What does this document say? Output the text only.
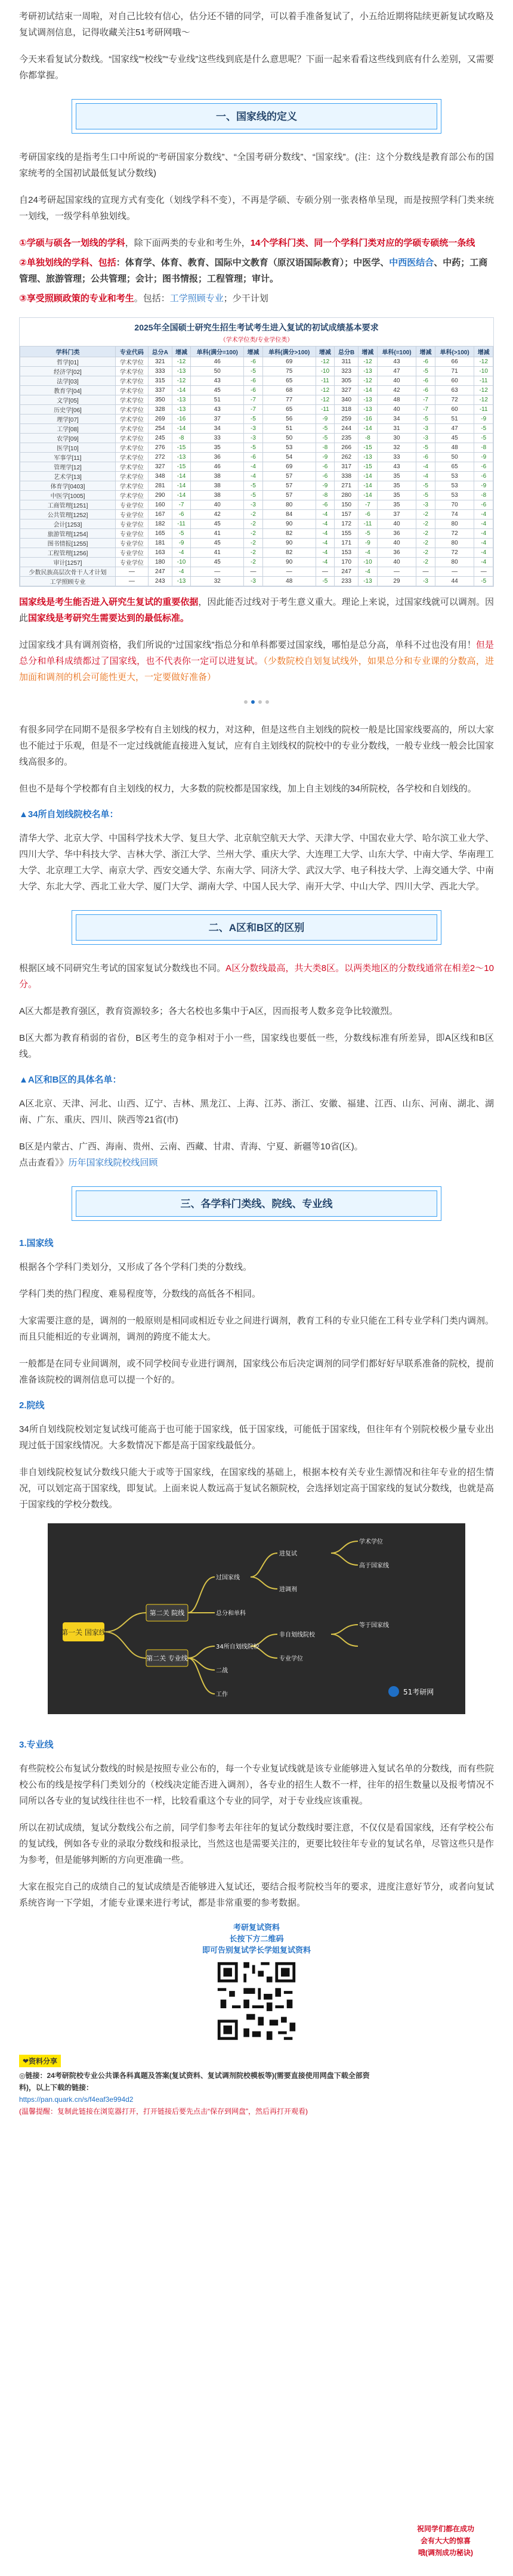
考研初试结束一周啦，对自己比较有信心，估分还不错的同学，可以着手准备复试了，小五给近期将陆续更新复试攻略及复试调剂信息，记得收藏关注51考研网哦～

今天来看复试分数线。“国家线”“校线”“专业线”这些线到底是什么意思呢？下面一起来看看这些线到底有什么差别，又需要你都掌握。

一、国家线的定义

考研国家线的是指考生口中所说的“考研国家分数线”、“全国考研分数线”、“国家线”。(注：这个分数线是教育部公布的国家统考的全国初试最低复试分数线)

自24考研起国家线的宣现方式有变化（划线学科不变），不再是学硕、专硕分别一张表格单呈现，而是按照学科门类来统一划线，一级学科单独划线。

①学硕与硕各一划线的学科，除下面两类的专业和考生外，14个学科门类、同一个学科门类对应的学硕专硕统一条线
②单独划线的学科、包括：体育学、体育、教育、国际中文教育（原汉语国际教育）；中医学、中西医结合、中药；工商管理、旅游管理；公共管理；会计；图书情报；工程管理；审计。
③享受照顾政策的专业和考生。包括：工学照顾专业；少干计划
2025年全国硕士研究生招生考试考生进入复试的初试成绩基本要求
（学术学位类/专业学位类）
学科门类	专业代码	总分A	增减	单科(满分=100)	增减	单科(满分>100)	增减	总分B	增减	单科(=100)	增减	单科(>100)	增减
哲学[01]	学术学位	321	-12	46	-6	69	-12	311	-12	43	-6	66	-12
经济学[02]	学术学位	333	-13	50	-5	75	-10	323	-13	47	-5	71	-10
法学[03]	学术学位	315	-12	43	-6	65	-11	305	-12	40	-6	60	-11
教育学[04]	学术学位	337	-14	45	-6	68	-12	327	-14	42	-6	63	-12
文学[05]	学术学位	350	-13	51	-7	77	-12	340	-13	48	-7	72	-12
历史学[06]	学术学位	328	-13	43	-7	65	-11	318	-13	40	-7	60	-11
理学[07]	学术学位	269	-16	37	-5	56	-9	259	-16	34	-5	51	-9
工学[08]	学术学位	254	-14	34	-3	51	-5	244	-14	31	-3	47	-5
农学[09]	学术学位	245	-8	33	-3	50	-5	235	-8	30	-3	45	-5
医学[10]	学术学位	276	-15	35	-5	53	-8	266	-15	32	-5	48	-8
军事学[11]	学术学位	272	-13	36	-6	54	-9	262	-13	33	-6	50	-9
管理学[12]	学术学位	327	-15	46	-4	69	-6	317	-15	43	-4	65	-6
艺术学[13]	学术学位	348	-14	38	-4	57	-6	338	-14	35	-4	53	-6
体育学[0403]	学术学位	281	-14	38	-5	57	-9	271	-14	35	-5	53	-9
中医学[1005]	学术学位	290	-14	38	-5	57	-8	280	-14	35	-5	53	-8
工商管理[1251]	专业学位	160	-7	40	-3	80	-6	150	-7	35	-3	70	-6
公共管理[1252]	专业学位	167	-6	42	-2	84	-4	157	-6	37	-2	74	-4
会计[1253]	专业学位	182	-11	45	-2	90	-4	172	-11	40	-2	80	-4
旅游管理[1254]	专业学位	165	-5	41	-2	82	-4	155	-5	36	-2	72	-4
图书情报[1255]	专业学位	181	-9	45	-2	90	-4	171	-9	40	-2	80	-4
工程管理[1256]	专业学位	163	-4	41	-2	82	-4	153	-4	36	-2	72	-4
审计[1257]	专业学位	180	-10	45	-2	90	-4	170	-10	40	-2	80	-4
少数民族高层次骨干人才计划	—	247	-4	—	—	—	—	247	-4	—	—	—	—
工学照顾专业	—	243	-13	32	-3	48	-5	233	-13	29	-3	44	-5

国家线是考生能否进入研究生复试的重要依据，因此能否过线对于考生意义重大。理论上来说，过国家线就可以调剂。因此国家线是考研究生需要达到的最低标准。

过国家线才具有调剂资格，我们所说的“过国家线”指总分和单科都要过国家线，哪怕是总分高，单科不过也没有用！但是总分和单科成绩都过了国家线，也不代表你一定可以进复试。（少数院校自划复试线外，如果总分和专业课的分数高，进加面和调剂的机会可能性更大，一定要做好准备）

有很多同学在同期不是很多学校有自主划线的权力，对这种，但是这些自主划线的院校一般是比国家线要高的，所以大家也不能过于乐观，但是不一定过线就能直接进入复试，应有自主划线权的院校中的专业分数线，一般专业线一般会比国家线高很多的。

但也不是每个学校都有自主划线的权力，大多数的院校都是国家线，加上自主划线的34所院校，各学校和自划线的。

▲34所自划线院校名单：

清华大学、北京大学、中国科学技术大学、复旦大学、北京航空航天大学、天津大学、中国农业大学、哈尔滨工业大学、四川大学、华中科技大学、吉林大学、浙江大学、兰州大学、重庆大学、大连理工大学、山东大学、中南大学、华南理工大学、北京理工大学、南京大学、西安交通大学、东南大学、同济大学、武汉大学、电子科技大学、上海交通大学、中南大学、东北大学、西北工业大学、厦门大学、湖南大学、中国人民大学、南开大学、中山大学、四川大学、西北大学。

二、A区和B区的区别

根据区域不同研究生考试的国家复试分数线也不同。A区分数线最高，共大类8区。以两类地区的分数线通常在相差2～10分。

A区大都是教育强区，教育资源较多；各大名校也多集中于A区，因而报考人数多竞争比较激烈。

B区大都为教育稍弱的省份，B区考生的竞争相对于小一些，国家线也要低一些，分数线标准有所差异，即A区线和B区线。

▲A区和B区的具体名单：

A区北京、天津、河北、山西、辽宁、吉林、黑龙江、上海、江苏、浙江、安徽、福建、江西、山东、河南、湖北、湖南、广东、重庆、四川、陕西等21省(市)

B区是内蒙古、广西、海南、贵州、云南、西藏、甘肃、青海、宁夏、新疆等10省(区)。
点击查看》》历年国家线院校线回顾

三、各学科门类线、院线、专业线
1.国家线

根据各个学科门类划分，又形成了各个学科门类的分数线。

学科门类的热门程度、难易程度等，分数线的高低各不相同。

大家需要注意的是，调剂的一般原则是相同或相近专业之间进行调剂，教育工科的专业只能在工科专业学科门类内调剂。而且只能相近的专业调剂，调剂的跨度不能太大。

一般都是在同专业间调剂，或不同学校间专业进行调剂，国家线公布后决定调剂的同学们都好好早联系准备的院校，提前准备该院校的调剂信息可以提一个好的。

2.院线

34所自划线院校划定复试线可能高于也可能于国家线，低于国家线，可能低于国家线，但往年有个别院校极少量专业出现过低于国家线情况。大多数情况下都是高于国家线最低分。

非自划线院校复试分数线只能大于或等于国家线，在国家线的基础上，根据本校有关专业生源情况和往年专业的招生情况，可以划定高于国家线，即复试。上面来说人数远高于复试名额院校，会选择划定高于国家线的复试分数线，也就是高于国家线的学校分数线。

第一关 国家线
第二关 院线
第二关 专业线
过国家线
总分和单科
34所自划线院校
二战
工作
进复试
进调剂
非自划线院校
专业学位
学术学位
高于国家线
等于国家线
51考研网
3.专业线

有些院校公布复试分数线的时候是按照专业公布的，每一个专业复试线就是该专业能够进入复试名单的分数线，而有些院校公布的线是按学科门类划分的（校线决定能否进入调剂），各专业的招生人数不一样，往年的招生数量以及报考情况不同所以各专业的复试线往往也不一样，比较看重这个专业的同学，对于专业线应该重视。

所以在初试成绩，复试分数线公布之前，同学们参考去年往年的复试分数线时要注意，不仅仅是看国家线，还有学校公布的复试线，例如各专业的录取分数线和报录比，当然这也是需要关注的，更要比较往年专业的复试名单，尽管这些只是作为参考，但是能够判断的方向更准确一些。

大家在报完自己的成绩自己的复试成绩是否能够进入复试还，要结合报考院校当年的要求，进度注意好节分，或者向复试系统咨询一下学姐，才能专业课来进行考试，都是非常重要的参考数据。

考研复试资料
长按下方二维码
即可告别复试学长学姐复试资料
❤资料分享
◎链接：24考研院校专业公共课各科真题及答案(复试资料、复试调剂院校模板等)(需要直接使用网盘下载全部资料)，以上下载的链接：
https://pan.quark.cn/s/f4eaf3e994d2
(温馨提醒：复制此链接在浏览器打开，打开链接后要先点击“保存到网盘”，然后再打开观看)
祝同学们都在成功
会有大大的惊喜
哦(调剂成功秘诀)
